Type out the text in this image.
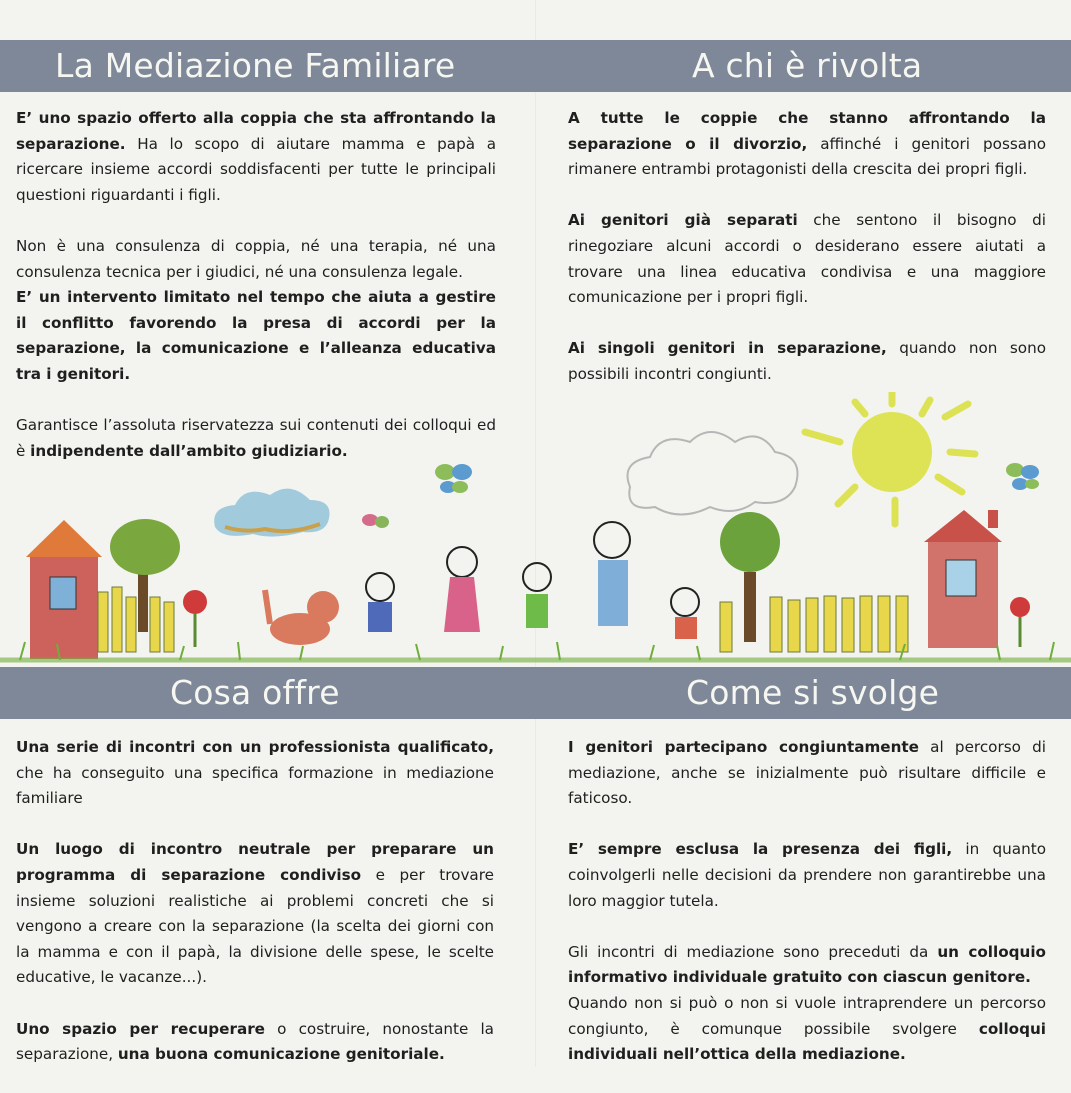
La Mediazione Familiare	A chi è rivolta

E’ uno spazio offerto alla coppia che sta affrontando la separazione. Ha lo scopo di aiutare mamma e papà a ricercare insieme accordi soddisfacenti per tutte le principali questioni riguardanti i figli.

Non è una consulenza di coppia, né una terapia, né una consulenza tecnica per i giudici, né una consulenza legale.

E’ un intervento limitato nel tempo che aiuta a gestire il conflitto favorendo la presa di accordi per la separazione, la comunicazione e l’alleanza educativa tra i genitori.

Garantisce l’assoluta riservatezza sui contenuti dei colloqui ed è indipendente dall’ambito giudiziario.

A tutte le coppie che stanno affrontando la separazione o il divorzio, affinché i genitori possano rimanere entrambi protagonisti della crescita dei propri figli.

Ai genitori già separati che sentono il bisogno di rinegoziare alcuni accordi o desiderano essere aiutati a trovare una linea educativa condivisa e una maggiore comunicazione per i propri figli.

Ai singoli genitori in separazione, quando non sono possibili incontri congiunti.

Cosa offre	Come si svolge

Una serie di incontri con un professionista qualificato, che ha conseguito una specifica formazione in mediazione familiare

Un luogo di incontro neutrale per preparare un programma di separazione condiviso e per trovare insieme soluzioni realistiche ai problemi concreti che si vengono a creare con la separazione (la scelta dei giorni con la mamma e con il papà, la divisione delle spese, le scelte educative, le vacanze...).

Uno spazio per recuperare o costruire, nonostante la separazione, una buona comunicazione genitoriale.

I genitori partecipano congiuntamente al percorso di mediazione, anche se inizialmente può risultare difficile e faticoso.

E’ sempre esclusa la presenza dei figli, in quanto coinvolgerli nelle decisioni da prendere non garantirebbe una loro maggior tutela.

Gli incontri di mediazione sono preceduti da un colloquio informativo individuale gratuito con ciascun genitore.

Quando non si può o non si vuole intraprendere un percorso congiunto, è comunque possibile svolgere colloqui individuali nell’ottica della mediazione.
